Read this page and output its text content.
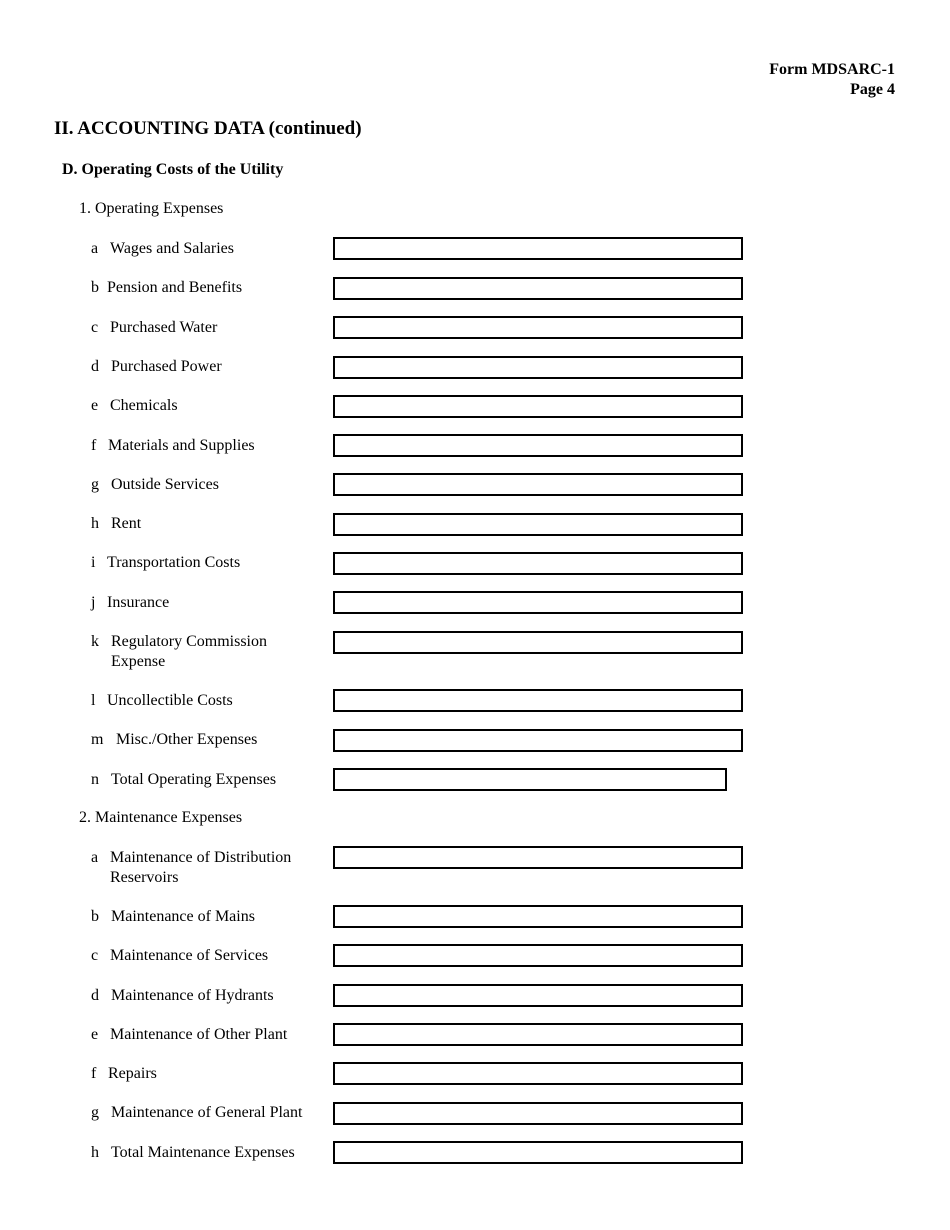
Form MDSARC-1
Page 4
II. ACCOUNTING DATA (continued)
D. Operating Costs of the Utility
1. Operating Expenses
a Wages and Salaries
b Pension and Benefits
c Purchased Water
d Purchased Power
e Chemicals
f Materials and Supplies
g Outside Services
h Rent
i Transportation Costs
j Insurance
k Regulatory Commission
Expense
l Uncollectible Costs
m Misc./Other Expenses
n Total Operating Expenses
2. Maintenance Expenses
a Maintenance of Distribution
Reservoirs
b Maintenance of Mains
c Maintenance of Services
d Maintenance of Hydrants
e Maintenance of Other Plant
f Repairs
g Maintenance of General Plant
h Total Maintenance Expenses
